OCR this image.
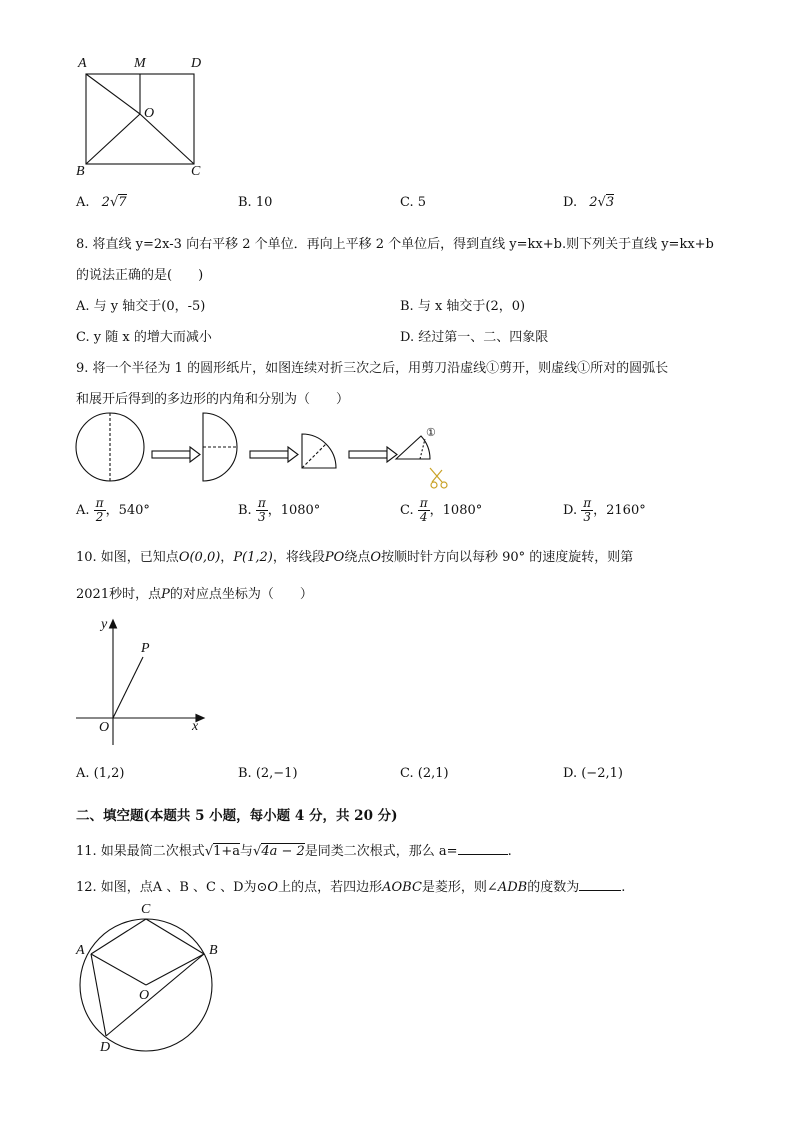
A	M	D
O
B	C
A. 2√7	B. 10	C. 5	D. 2√3
8. 将直线 y=2x-3 向右平移 2 个单位．再向上平移 2 个单位后，得到直线 y=kx+b.则下列关于直线 y=kx+b
的说法正确的是(　　)
A. 与 y 轴交于(0，-5)	B. 与 x 轴交于(2，0)
C. y 随 x 的增大而减小	D. 经过第一、二、四象限
9. 将一个半径为 1 的圆形纸片，如图连续对折三次之后，用剪刀沿虚线①剪开，则虚线①所对的圆弧长
和展开后得到的多边形的内角和分别为（　　）
①
A. $\frac{\pi}{2}$ ，540°	B. $\frac{\pi}{3}$ ，1080°	C. $\frac{\pi}{4}$ ，1080°	D. $\frac{\pi}{3}$ ，2160°
10. 如图，已知点O(0,0)，P(1,2)，将线段PO绕点O按顺时针方向以每秒 90° 的速度旋转，则第
2021秒时，点P的对应点坐标为（　　）
y
x
O
P
A. (1,2)	B. (2,−1)	C. (2,1)	D. (−2,1)
二、填空题(本题共 5 小题，每小题 4 分，共 20 分)
11. 如果最简二次根式√1+a与√4a − 2是同类二次根式，那么 a=	.
12. 如图，点A 、B 、C 、D为⊙O上的点，若四边形AOBC是菱形，则∠ADB的度数为	.
C
A	B
O
D
